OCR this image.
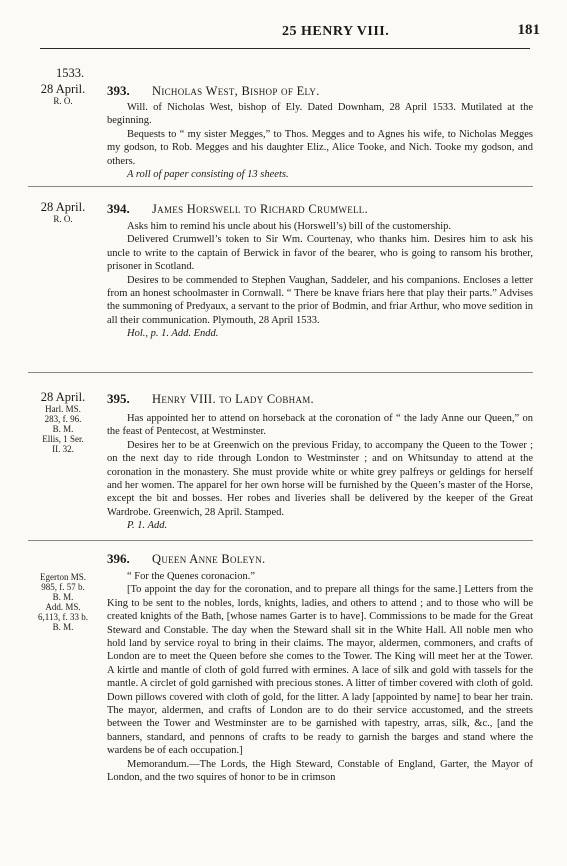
25 HENRY VIII.	181
1533.
28 April.
R. O.
393. Nicholas West, Bishop of Ely.

Will. of Nicholas West, bishop of Ely. Dated Downham, 28 April 1533. Mutilated at the beginning.

Bequests to “ my sister Megges,” to Thos. Megges and to Agnes his wife, to Nicholas Megges my godson, to Rob. Megges and his daughter Eliz., Alice Tooke, and Nich. Tooke my godson, and others.

A roll of paper consisting of 13 sheets.

28 April.
R. O.
394. James Horswell to Richard Crumwell.

Asks him to remind his uncle about his (Horswell’s) bill of the customership.

Delivered Crumwell’s token to Sir Wm. Courtenay, who thanks him. Desires him to ask his uncle to write to the captain of Berwick in favor of the bearer, who is going to ransom his brother, prisoner in Scotland.

Desires to be commended to Stephen Vaughan, Saddeler, and his companions. Encloses a letter from an honest schoolmaster in Cornwall. “ There be knave friars here that play their parts.” Advises the summoning of Predyaux, a servant to the prior of Bodmin, and friar Arthur, who move sedition in all their communication. Plymouth, 28 April 1533.

Hol., p. 1. Add. Endd.

28 April.
Harl. MS.
283, f. 96.
B. M.
Ellis, 1 Ser.
II. 32.
395. Henry VIII. to Lady Cobham.

Has appointed her to attend on horseback at the coronation of “ the lady Anne our Queen,” on the feast of Pentecost, at Westminster.

Desires her to be at Greenwich on the previous Friday, to accompany the Queen to the Tower ; on the next day to ride through London to Westminster ; and on Whitsunday to attend at the coronation in the monastery. She must provide white or white grey palfreys or geldings for herself and her women. The apparel for her own horse will be furnished by the Queen’s master of the Horse, except the bit and bosses. Her robes and liveries shall be delivered by the keeper of the Great Wardrobe. Greenwich, 28 April. Stamped.

P. 1. Add.

Egerton MS.
985, f. 57 b.
B. M.
Add. MS.
6,113, f. 33 b.
B. M.
396. Queen Anne Boleyn.

“ For the Quenes coronacion.”

[To appoint the day for the coronation, and to prepare all things for the same.] Letters from the King to be sent to the nobles, lords, knights, ladies, and others to attend ; and to those who will be created knights of the Bath, [whose names Garter is to have]. Commissions to be made for the Great Steward and Constable. The day when the Steward shall sit in the White Hall. All noble men who hold land by service royal to bring in their claims. The mayor, aldermen, commoners, and crafts of London are to meet the Queen before she comes to the Tower. The King will meet her at the Tower. A kirtle and mantle of cloth of gold furred with ermines. A lace of silk and gold with tassels for the mantle. A circlet of gold garnished with precious stones. A litter of timber covered with cloth of gold. Down pillows covered with cloth of gold, for the litter. A lady [appointed by name] to bear her train. The mayor, aldermen, and crafts of London are to do their service accustomed, and the streets between the Tower and Westminster are to be garnished with tapestry, arras, silk, &c., [and the banners, standard, and pennons of crafts to be ready to garnish the barges and stand where the wardens be of each occupation.]

Memorandum.—The Lords, the High Steward, Constable of England, Garter, the Mayor of London, and the two squires of honor to be in crimson
